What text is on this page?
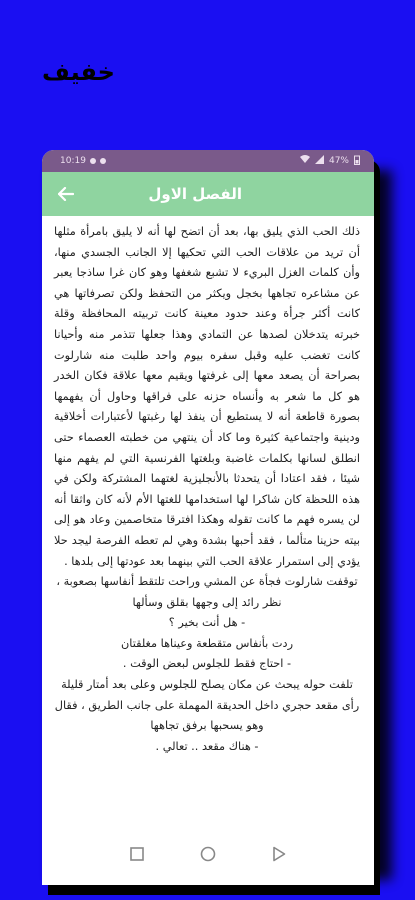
خفيف
10:19	47%
الفصل الاول

ذلك الحب الذي يليق بها، بعد أن اتضح لها أنه لا يليق بامرأة مثلها أن تريد من علاقات الحب التي تحكيها إلا الجانب الجسدي منها، وأن كلمات الغزل البريء لا تشبع شغفها وهو كان غرا ساذجا يعبر عن مشاعره تجاهها بخجل ويكثر من التحفظ ولكن تصرفاتها هي كانت أكثر جرأة وعند حدود معينة كانت تربيته المحافظة وقلة خبرته يتدخلان لصدها عن التمادي وهذا جعلها تتذمر منه وأحيانا كانت تغضب عليه وقبل سفره بيوم واحد طلبت منه شارلوت بصراحة أن يصعد معها إلى غرفتها ويقيم معها علاقة فكان الخدر هو كل ما شعر به وأنساه حزنه على فراقها وحاول أن يفهمها بصورة قاطعة أنه لا يستطيع أن ينفذ لها رغبتها لأعتبارات أخلاقية ودينية واجتماعية كثيرة وما كاد أن ينتهي من خطبته العصماء حتى انطلق لسانها بكلمات غاضبة وبلغتها الفرنسية التي لم يفهم منها شيئا ، فقد اعتادا أن يتحدثا بالأنجليزية لغتهما المشتركة ولكن في هذه اللحظة كان شاكرا لها استخدامها للغتها الأم لأنه كان واثقا أنه لن يسره فهم ما كانت تقوله وهكذا افترقا متخاصمين وعاد هو إلى بيته حزينا متألما ، فقد أحبها بشدة وهي لم تعطه الفرصة ليجد حلا يؤدي إلى استمرار علاقة الحب التي بينهما بعد عودتها إلى بلدها .

توقفت شارلوت فجأة عن المشي وراحت تلتقط أنفاسها بصعوبة ، نظر رائد إلى وجهها بقلق وسألها

- هل أنت بخير ؟

ردت بأنفاس متقطعة وعيناها مغلقتان

- احتاج فقط للجلوس لبعض الوقت .

تلفت حوله يبحث عن مكان يصلح للجلوس وعلى بعد أمتار قليلة رأى مقعد حجري داخل الحديقة المهملة على جانب الطريق ، فقال وهو يسحبها برفق تجاهها

- هناك مقعد .. تعالي .
